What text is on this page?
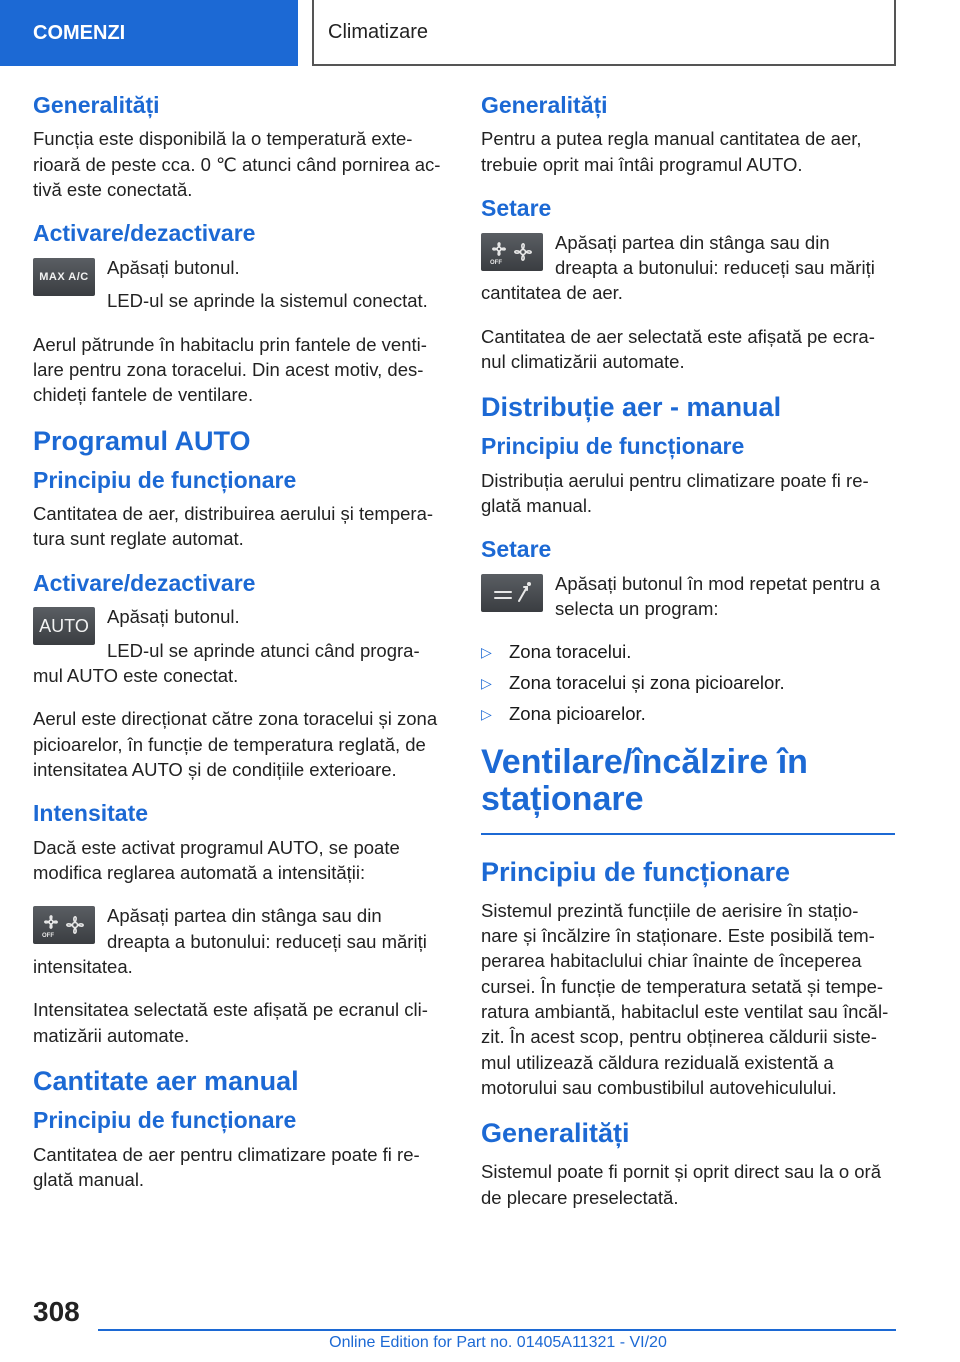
COMENZI	Climatizare
Generalități
Funcția este disponibilă la o temperatură exte-rioară de peste cca. 0 ℃ atunci când pornirea ac-tivă este conectată.
Activare/dezactivare
MAX A/C Apăsați butonul.
LED-ul se aprinde la sistemul conectat.
Aerul pătrunde în habitaclu prin fantele de venti-lare pentru zona toracelui. Din acest motiv, des-chideți fantele de ventilare.
Programul AUTO
Principiu de funcționare
Cantitatea de aer, distribuirea aerului și tempera-tura sunt reglate automat.
Activare/dezactivare
AUTO Apăsați butonul.
LED-ul se aprinde atunci când progra-mul AUTO este conectat.
Aerul este direcționat către zona toracelui și zona picioarelor, în funcție de temperatura reglată, de intensitatea AUTO și de condițiile exterioare.
Intensitate
Dacă este activat programul AUTO, se poate modifica reglarea automată a intensității:
OFF
Apăsați partea din stânga sau din dreapta a butonului: reduceți sau măriți intensitatea.
Intensitatea selectată este afișată pe ecranul cli-matizării automate.
Cantitate aer manual
Principiu de funcționare
Cantitatea de aer pentru climatizare poate fi re-glată manual.
Generalități
Pentru a putea regla manual cantitatea de aer, trebuie oprit mai întâi programul AUTO.
Setare
OFF
Apăsați partea din stânga sau din dreapta a butonului: reduceți sau măriți cantitatea de aer.
Cantitatea de aer selectată este afișată pe ecra-nul climatizării automate.
Distribuție aer - manual
Principiu de funcționare
Distribuția aerului pentru climatizare poate fi re-glată manual.
Setare
Apăsați butonul în mod repetat pentru a selecta un program:
▷ Zona toracelui.
▷ Zona toracelui și zona picioarelor.
▷ Zona picioarelor.
Ventilare/încălzire în staționare
Principiu de funcționare
Sistemul prezintă funcțiile de aerisire în stațio-nare și încălzire în staționare. Este posibilă tem-perarea habitaclului chiar înainte de începerea cursei. În funcție de temperatura setată și tempe-ratura ambiantă, habitaclul este ventilat sau încăl-zit. În acest scop, pentru obținerea căldurii siste-mul utilizează căldura reziduală existentă a motorului sau combustibilul autovehiculului.
Generalități
Sistemul poate fi pornit și oprit direct sau la o oră de plecare preselectată.
308
Online Edition for Part no. 01405A11321 - VI/20
